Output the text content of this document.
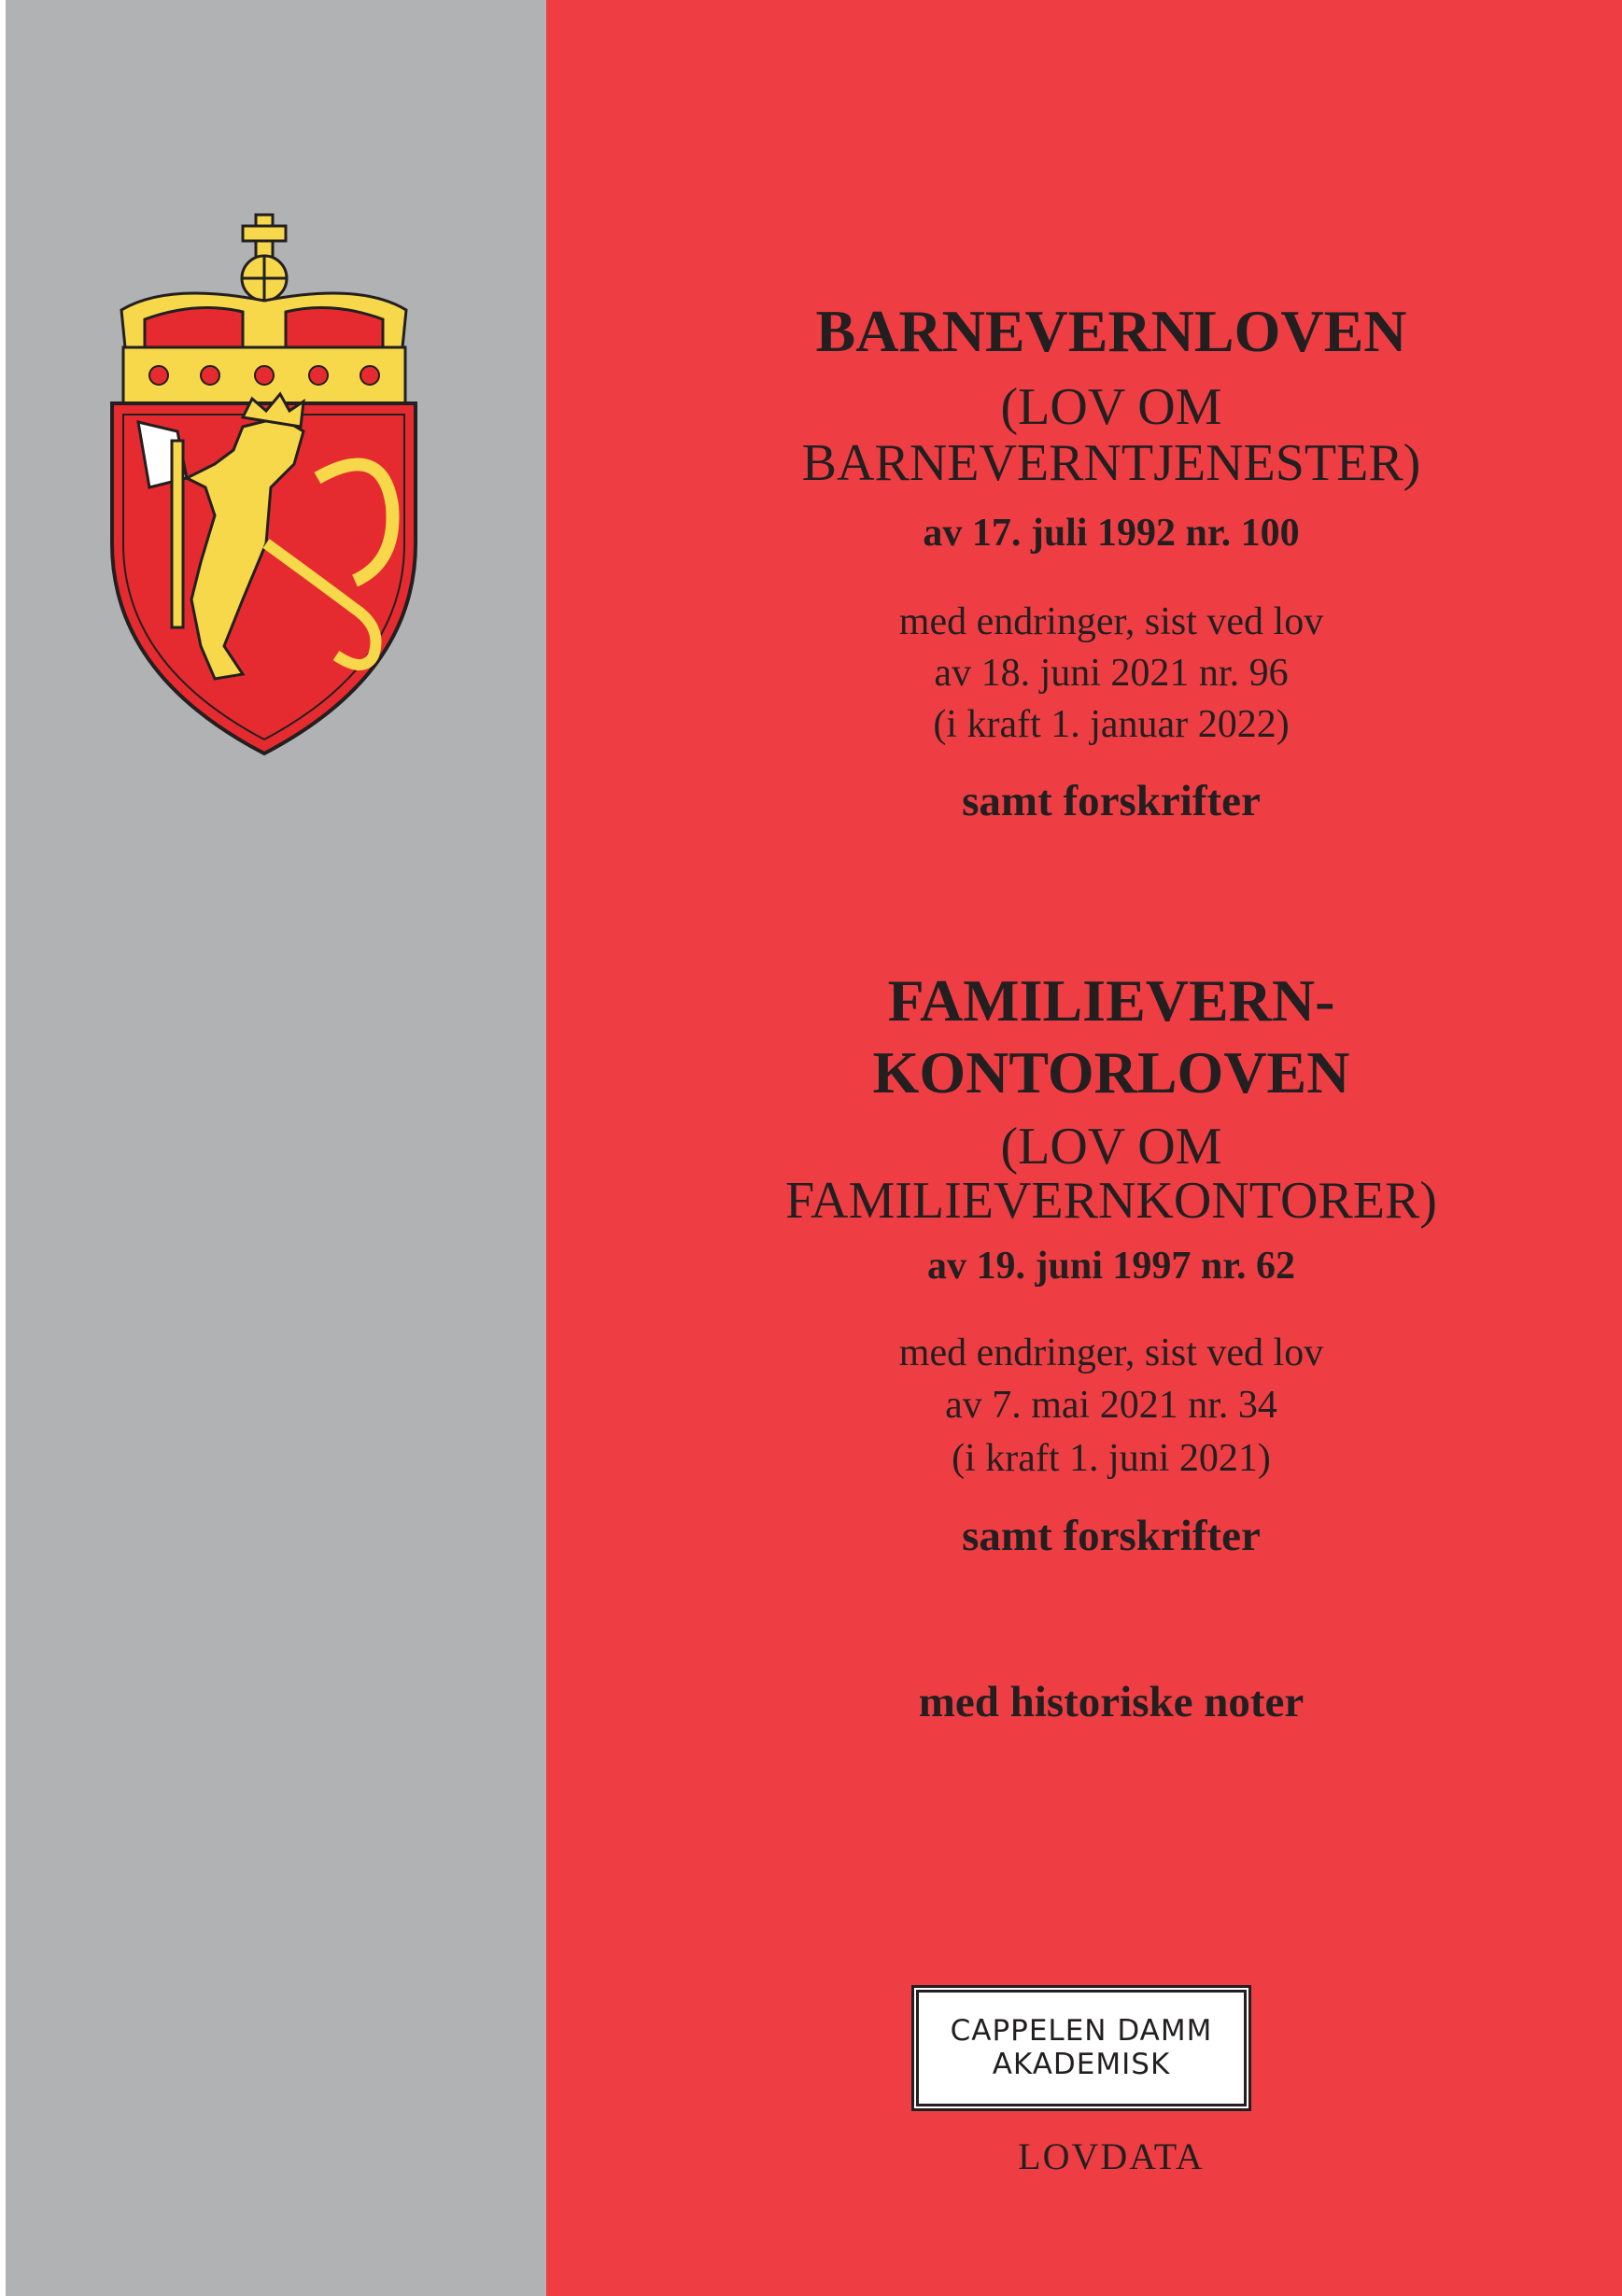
BARNEVERNLOVEN
(LOV OM
BARNEVERNTJENESTER)
av 17. juli 1992 nr. 100
med endringer, sist ved lov
av 18. juni 2021 nr. 96
(i kraft 1. januar 2022)
samt forskrifter
FAMILIEVERN-
KONTORLOVEN
(LOV OM
FAMILIEVERNKONTORER)
av 19. juni 1997 nr. 62
med endringer, sist ved lov
av 7. mai 2021 nr. 34
(i kraft 1. juni 2021)
samt forskrifter
med historiske noter
CAPPELEN DAMM
AKADEMISK
LOVDATA
